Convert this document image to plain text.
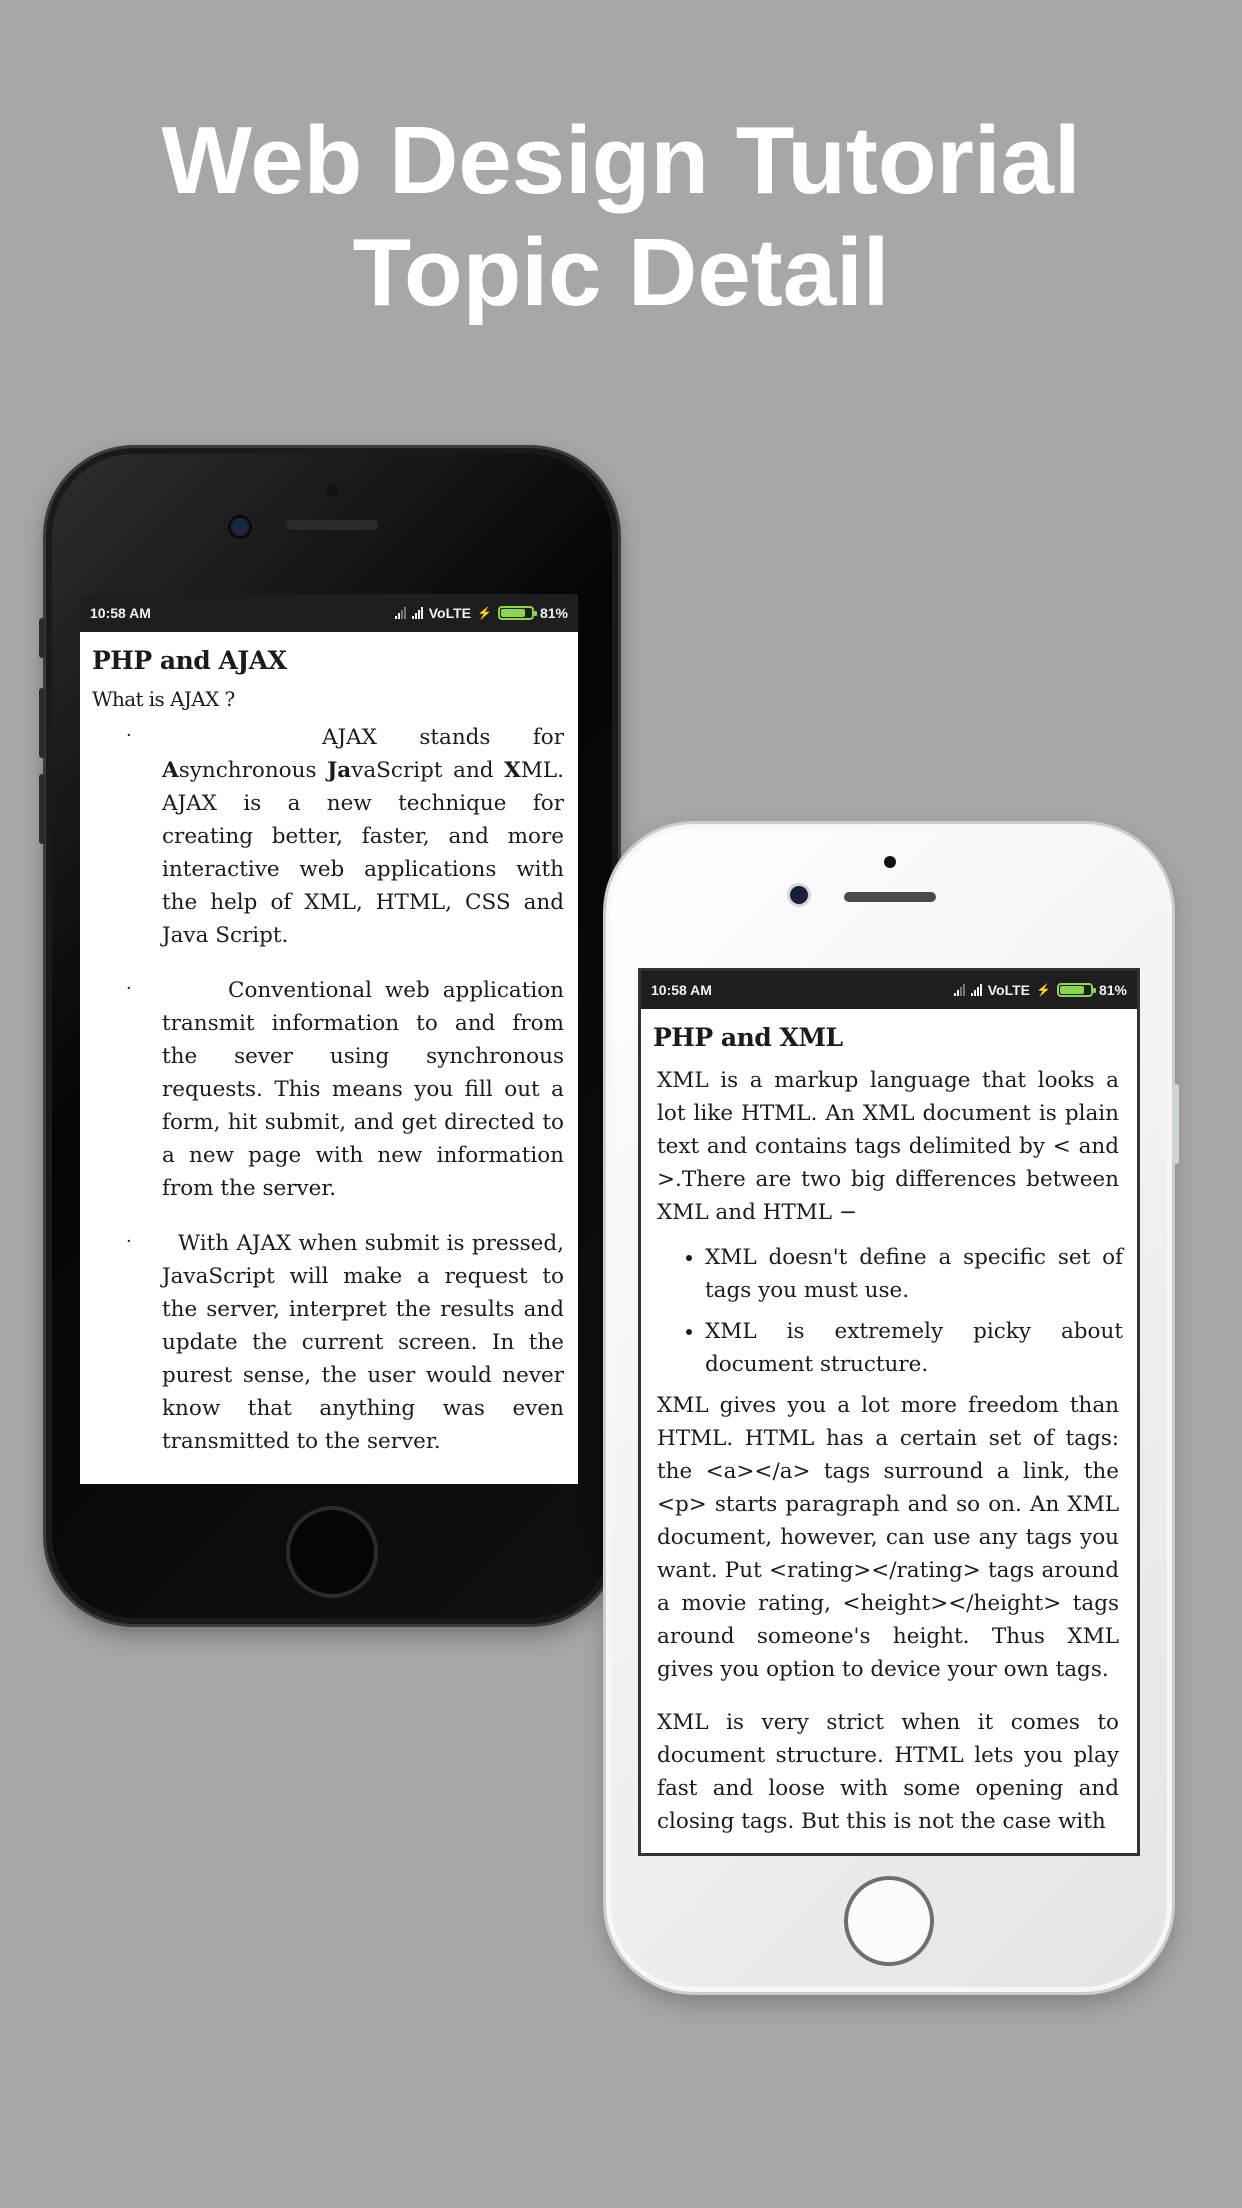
Web Design Tutorial
Topic Detail
10:58 AM	VoLTE ⚡	81%
PHP and AJAX
What is AJAX ?
· AJAX stands for Asynchronous JavaScript and XML. AJAX is a new technique for creating better, faster, and more interactive web applications with the help of XML, HTML, CSS and Java Script.
· Conventional web application transmit information to and from the sever using synchronous requests. This means you fill out a form, hit submit, and get directed to a new page with new information from the server.
· With AJAX when submit is pressed, JavaScript will make a request to the server, interpret the results and update the current screen. In the purest sense, the user would never know that anything was even transmitted to the server.
10:58 AM	VoLTE ⚡	81%
PHP and XML

XML is a markup language that looks a lot like HTML. An XML document is plain text and contains tags delimited by < and >.There are two big differences between XML and HTML −

• XML doesn't define a specific set of tags you must use.
• XML is extremely picky about document structure.

XML gives you a lot more freedom than HTML. HTML has a certain set of tags: the <a></a> tags surround a link, the <p> starts paragraph and so on. An XML document, however, can use any tags you want. Put <rating></rating> tags around a movie rating, <height></height> tags around someone's height. Thus XML gives you option to device your own tags.

XML is very strict when it comes to document structure. HTML lets you play fast and loose with some opening and closing tags. But this is not the case with
